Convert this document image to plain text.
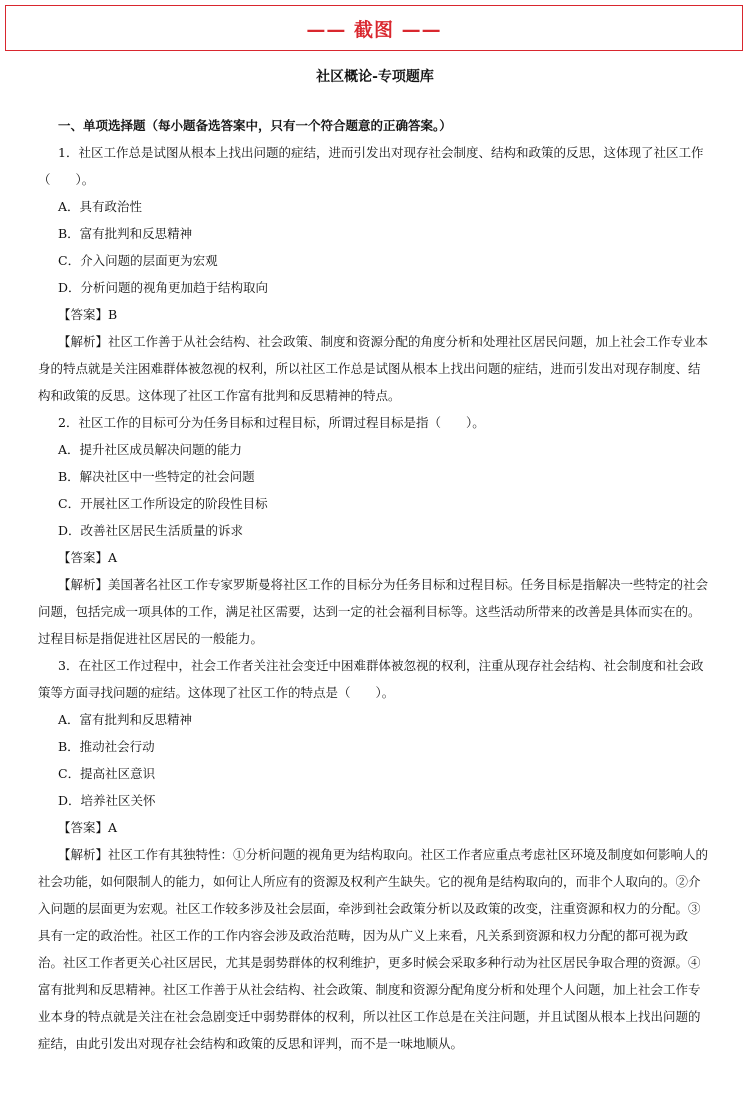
—— 截图 ——
社区概论-专项题库

一、单项选择题（每小题备选答案中，只有一个符合题意的正确答案。）

1．社区工作总是试图从根本上找出问题的症结，进而引发出对现存社会制度、结构和政策的反思，这体现了社区工作（　　）。

A．具有政治性

B．富有批判和反思精神

C．介入问题的层面更为宏观

D．分析问题的视角更加趋于结构取向

【答案】B

【解析】社区工作善于从社会结构、社会政策、制度和资源分配的角度分析和处理社区居民问题，加上社会工作专业本身的特点就是关注困难群体被忽视的权利，所以社区工作总是试图从根本上找出问题的症结，进而引发出对现存制度、结构和政策的反思。这体现了社区工作富有批判和反思精神的特点。

2．社区工作的目标可分为任务目标和过程目标，所谓过程目标是指（　　）。

A．提升社区成员解决问题的能力

B．解决社区中一些特定的社会问题

C．开展社区工作所设定的阶段性目标

D．改善社区居民生活质量的诉求

【答案】A

【解析】美国著名社区工作专家罗斯曼将社区工作的目标分为任务目标和过程目标。任务目标是指解决一些特定的社会问题，包括完成一项具体的工作，满足社区需要，达到一定的社会福利目标等。这些活动所带来的改善是具体而实在的。过程目标是指促进社区居民的一般能力。

3．在社区工作过程中，社会工作者关注社会变迁中困难群体被忽视的权利，注重从现存社会结构、社会制度和社会政策等方面寻找问题的症结。这体现了社区工作的特点是（　　）。

A．富有批判和反思精神

B．推动社会行动

C．提高社区意识

D．培养社区关怀

【答案】A

【解析】社区工作有其独特性：①分析问题的视角更为结构取向。社区工作者应重点考虑社区环境及制度如何影响人的社会功能，如何限制人的能力，如何让人所应有的资源及权利产生缺失。它的视角是结构取向的，而非个人取向的。②介入问题的层面更为宏观。社区工作较多涉及社会层面，牵涉到社会政策分析以及政策的改变，注重资源和权力的分配。③具有一定的政治性。社区工作的工作内容会涉及政治范畴，因为从广义上来看，凡关系到资源和权力分配的都可视为政治。社区工作者更关心社区居民，尤其是弱势群体的权利维护，更多时候会采取多种行动为社区居民争取合理的资源。④富有批判和反思精神。社区工作善于从社会结构、社会政策、制度和资源分配角度分析和处理个人问题，加上社会工作专业本身的特点就是关注在社会急剧变迁中弱势群体的权利，所以社区工作总是在关注问题，并且试图从根本上找出问题的症结，由此引发出对现存社会结构和政策的反思和评判，而不是一味地顺从。
